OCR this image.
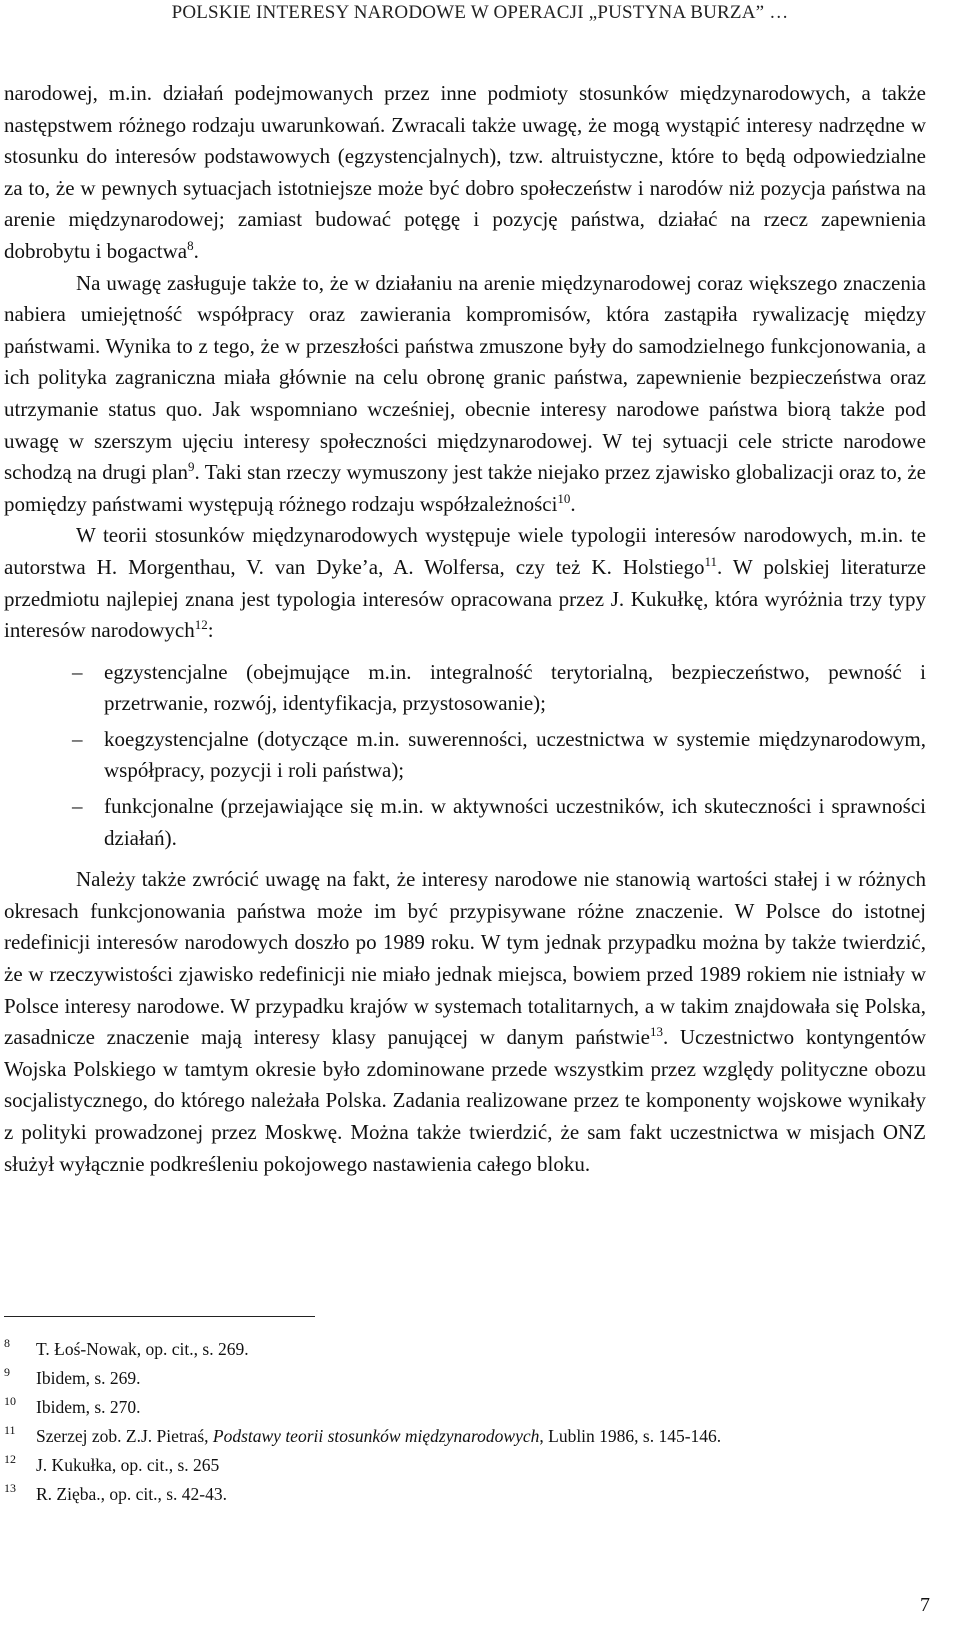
POLSKIE INTERESY NARODOWE W OPERACJI „PUSTYNA BURZA” …

narodowej, m.in. działań podejmowanych przez inne podmioty stosunków międzynarodowych, a także następstwem różnego rodzaju uwarunkowań. Zwracali także uwagę, że mogą wystąpić interesy nadrzędne w stosunku do interesów podstawowych (egzystencjalnych), tzw. altruistyczne, które to będą odpowiedzialne za to, że w pewnych sytuacjach istotniejsze może być dobro społeczeństw i narodów niż pozycja państwa na arenie międzynarodowej; zamiast budować potęgę i pozycję państwa, działać na rzecz zapewnienia dobrobytu i bogactwa$^8$.

Na uwagę zasługuje także to, że w działaniu na arenie międzynarodowej coraz większego znaczenia nabiera umiejętność współpracy oraz zawierania kompromisów, która zastąpiła rywalizację między państwami. Wynika to z tego, że w przeszłości państwa zmuszone były do samodzielnego funkcjonowania, a ich polityka zagraniczna miała głównie na celu obronę granic państwa, zapewnienie bezpieczeństwa oraz utrzymanie status quo. Jak wspomniano wcześniej, obecnie interesy narodowe państwa biorą także pod uwagę w szerszym ujęciu interesy społeczności międzynarodowej. W tej sytuacji cele stricte narodowe schodzą na drugi plan$^9$. Taki stan rzeczy wymuszony jest także niejako przez zjawisko globalizacji oraz to, że pomiędzy państwami występują różnego rodzaju współzależności$^{10}$.

W teorii stosunków międzynarodowych występuje wiele typologii interesów narodowych, m.in. te autorstwa H. Morgenthau, V. van Dyke’a, A. Wolfersa, czy też K. Holstiego$^{11}$. W polskiej literaturze przedmiotu najlepiej znana jest typologia interesów opracowana przez J. Kukułkę, która wyróżnia trzy typy interesów narodowych$^{12}$:

– egzystencjalne (obejmujące m.in. integralność terytorialną, bezpieczeństwo, pewność i przetrwanie, rozwój, identyfikacja, przystosowanie);
– koegzystencjalne (dotyczące m.in. suwerenności, uczestnictwa w systemie międzynarodowym, współpracy, pozycji i roli państwa);
– funkcjonalne (przejawiające się m.in. w aktywności uczestników, ich skuteczności i sprawności działań).

Należy także zwrócić uwagę na fakt, że interesy narodowe nie stanowią wartości stałej i w różnych okresach funkcjonowania państwa może im być przypisywane różne znaczenie. W Polsce do istotnej redefinicji interesów narodowych doszło po 1989 roku. W tym jednak przypadku można by także twierdzić, że w rzeczywistości zjawisko redefinicji nie miało jednak miejsca, bowiem przed 1989 rokiem nie istniały w Polsce interesy narodowe. W przypadku krajów w systemach totalitarnych, a w takim znajdowała się Polska, zasadnicze znaczenie mają interesy klasy panującej w danym państwie$^{13}$. Uczestnictwo kontyngentów Wojska Polskiego w tamtym okresie było zdominowane przede wszystkim przez względy polityczne obozu socjalistycznego, do którego należała Polska. Zadania realizowane przez te komponenty wojskowe wynikały z polityki prowadzonej przez Moskwę. Można także twierdzić, że sam fakt uczestnictwa w misjach ONZ służył wyłącznie podkreśleniu pokojowego nastawienia całego bloku.

8 T. Łoś-Nowak, op. cit., s. 269.
9 Ibidem, s. 269.
10 Ibidem, s. 270.
11 Szerzej zob. Z.J. Pietraś, Podstawy teorii stosunków międzynarodowych, Lublin 1986, s. 145-146.
12 J. Kukułka, op. cit., s. 265
13 R. Zięba., op. cit., s. 42-43.
7
